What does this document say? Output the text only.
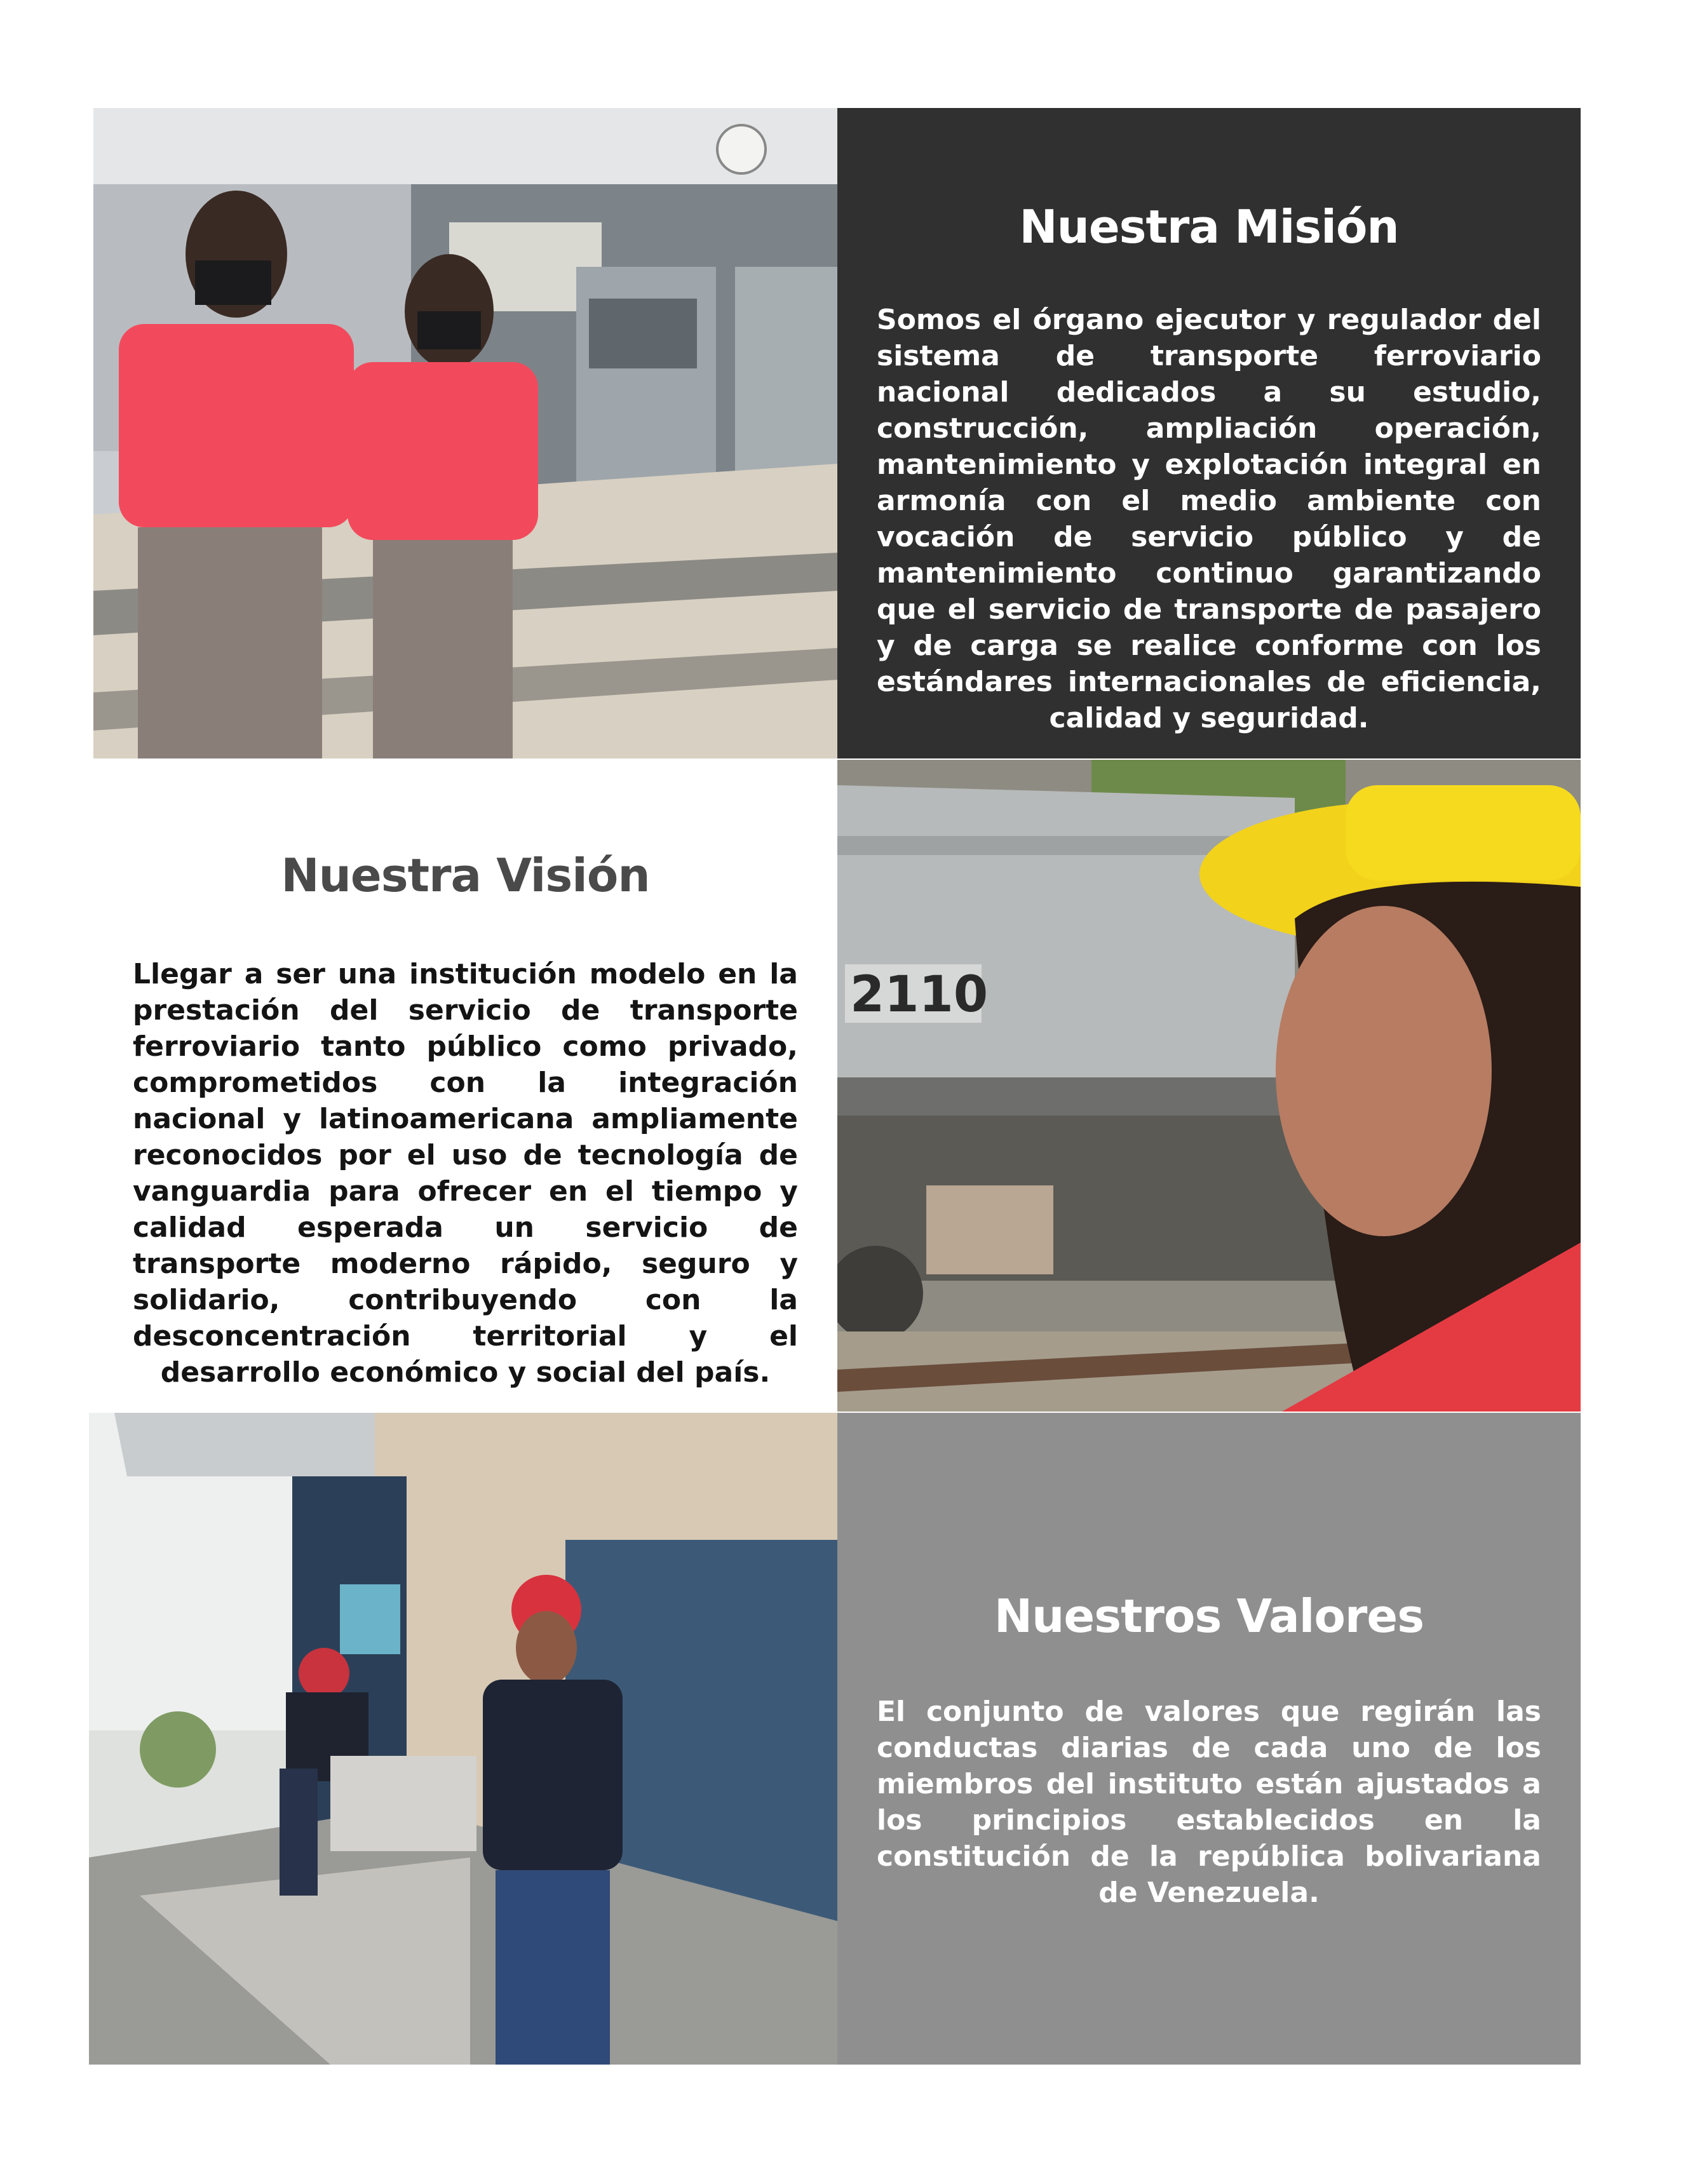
Nuestra Misión

Somos el órgano ejecutor y regulador del sistema de transporte ferroviario nacional dedicados a su estudio, construcción, ampliación operación, mantenimiento y explotación integral en armonía con el medio ambiente con vocación de servicio público y de mantenimiento continuo garantizando que el servicio de transporte de pasajero y de carga se realice conforme con los estándares internacionales de eficiencia, calidad y seguridad.

Nuestra Visión

Llegar a ser una institución modelo en la prestación del servicio de transporte ferroviario tanto público como privado, comprometidos con la integración nacional y latinoamericana ampliamente reconocidos por el uso de tecnología de vanguardia para ofrecer en el tiempo y calidad esperada un servicio de transporte moderno rápido, seguro y solidario, contribuyendo con la desconcentración territorial y el desarrollo económico y social del país.

2110
Nuestros Valores

El conjunto de valores que regirán las conductas diarias de cada uno de los miembros del instituto están ajustados a los principios establecidos en la constitución de la república bolivariana de Venezuela.
